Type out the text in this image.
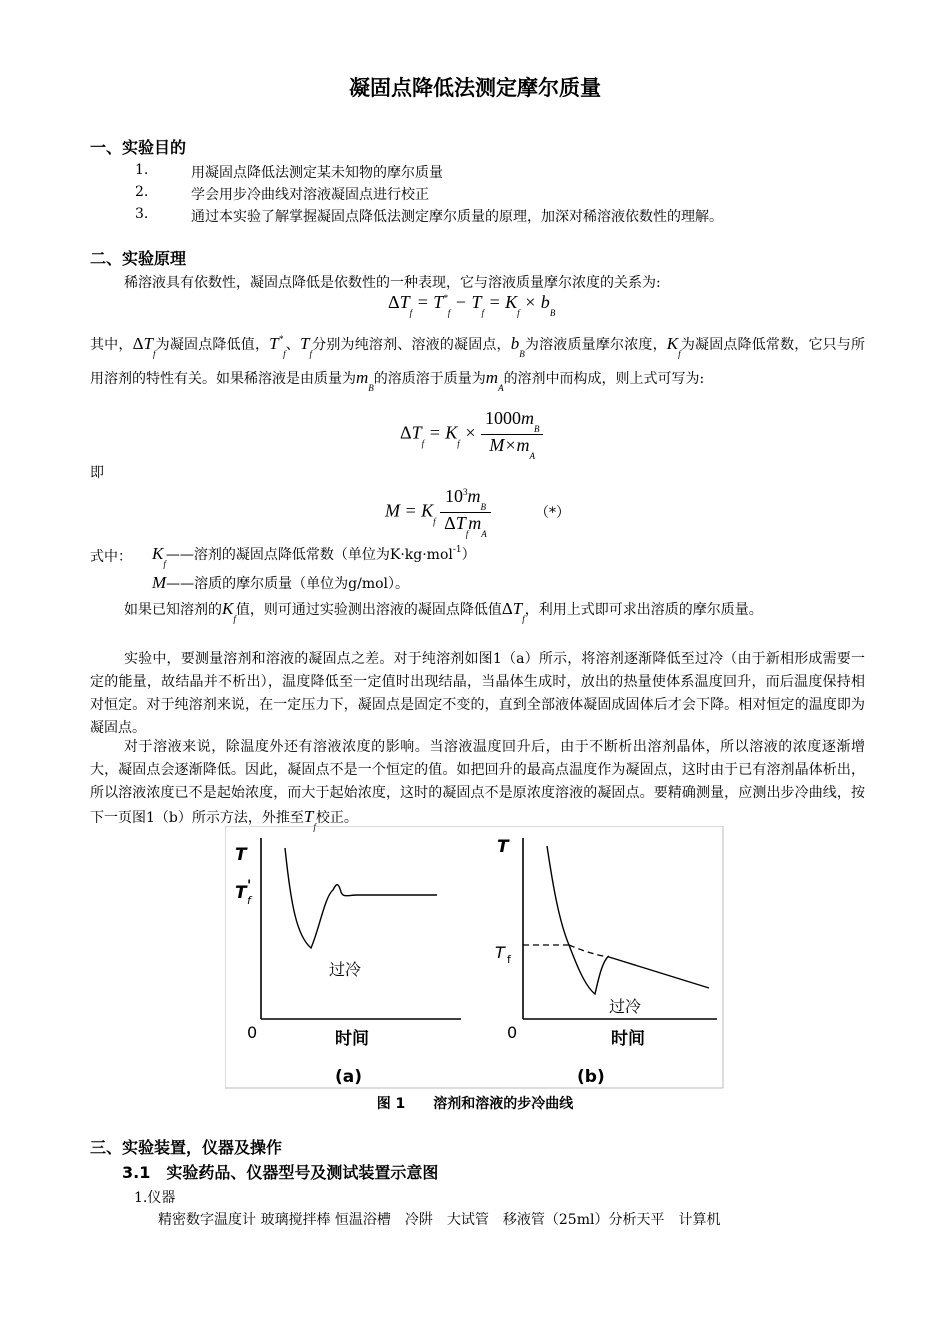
凝固点降低法测定摩尔质量
一、实验目的
1.	用凝固点降低法测定某未知物的摩尔质量
2.	学会用步冷曲线对溶液凝固点进行校正
3.	通过本实验了解掌握凝固点降低法测定摩尔质量的原理，加深对稀溶液依数性的理解。
二、实验原理
稀溶液具有依数性，凝固点降低是依数性的一种表现，它与溶液质量摩尔浓度的关系为:
$\Delta T_f = T^*_f - T_f = K_f \times b_B$
其中，$\Delta T_f$为凝固点降低值，$T^*_f$、$T_f$分别为纯溶剂、溶液的凝固点，$b_B$为溶液质量摩尔浓度，$K_f$为凝固点降低常数，它只与所用溶剂的特性有关。如果稀溶液是由质量为$m_B$的溶质溶于质量为$m_A$的溶剂中而构成，则上式可写为:
$\Delta T_f = K_f \times \frac{1000m_B}{M\times m_A}$
即
$M = K_f \frac{10^3m_B}{\Delta T_fm_A}$	（*）
式中： $K_f——$溶剂的凝固点降低常数（单位为K·kg·mol$^{-1}$）
M——溶质的摩尔质量（单位为g/mol）。
如果已知溶剂的$K_f$值，则可通过实验测出溶液的凝固点降低值$\Delta T_f$，利用上式即可求出溶质的摩尔质量。
实验中，要测量溶剂和溶液的凝固点之差。对于纯溶剂如图1（a）所示，将溶剂逐渐降低至过冷（由于新相形成需要一定的能量，故结晶并不析出），温度降低至一定值时出现结晶，当晶体生成时，放出的热量使体系温度回升，而后温度保持相对恒定。对于纯溶剂来说，在一定压力下，凝固点是固定不变的，直到全部液体凝固成固体后才会下降。相对恒定的温度即为凝固点。
对于溶液来说，除温度外还有溶液浓度的影响。当溶液温度回升后，由于不断析出溶剂晶体，所以溶液的浓度逐渐增大，凝固点会逐渐降低。因此，凝固点不是一个恒定的值。如把回升的最高点温度作为凝固点，这时由于已有溶剂晶体析出，所以溶液浓度已不是起始浓度，而大于起始浓度，这时的凝固点不是原浓度溶液的凝固点。要精确测量，应测出步冷曲线，按下一页图1（b）所示方法，外推至$T_f$校正。
T
T '
f
过冷
0	时间
(a)
T
T f
过冷
0	时间
(b)
图 1　　溶剂和溶液的步冷曲线
三、实验装置，仪器及操作
3.1　实验药品、仪器型号及测试装置示意图
1.仪器
精密数字温度计 玻璃搅拌棒 恒温浴槽　冷阱　大试管　移液管（25ml）分析天平　计算机
